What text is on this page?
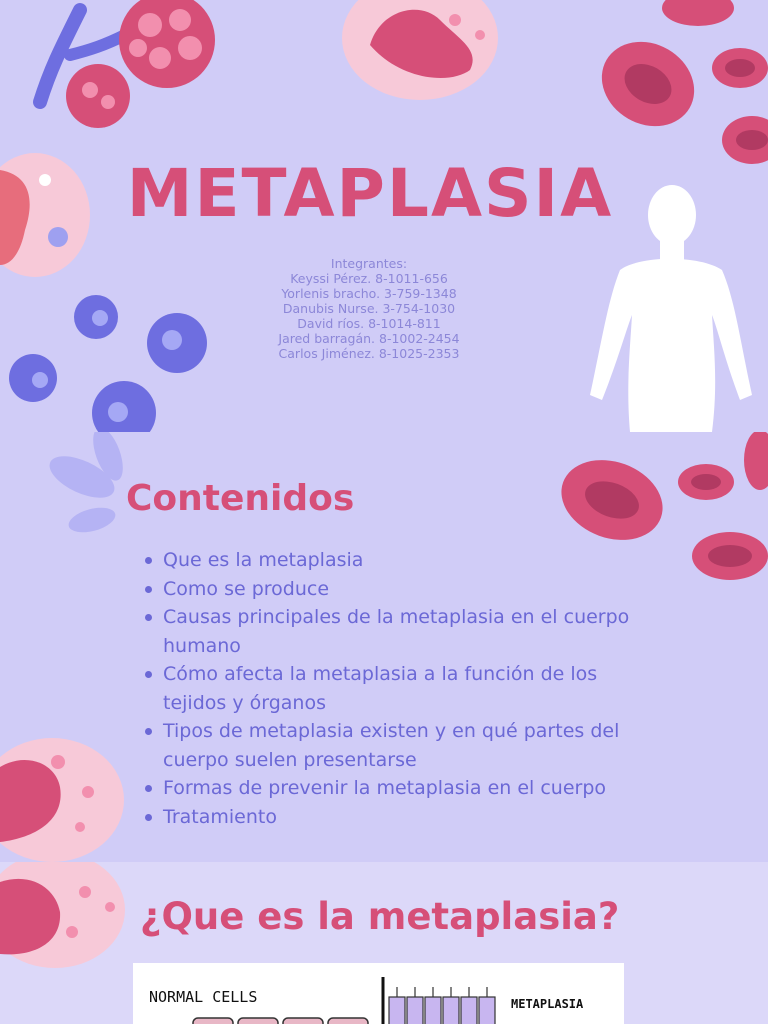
METAPLASIA
Integrantes:
Keyssi Pérez. 8-1011-656
Yorlenis bracho. 3-759-1348
Danubis Nurse. 3-754-1030
David ríos. 8-1014-811
Jared barragán. 8-1002-2454
Carlos Jiménez. 8-1025-2353
Contenidos
Que es la metaplasia
Como se produce
Causas principales de la metaplasia en el cuerpo humano
Cómo afecta la metaplasia a la función de los tejidos y órganos
Tipos de metaplasia existen y en qué partes del cuerpo suelen presentarse
Formas de prevenir la metaplasia en el cuerpo
Tratamiento
¿Que es la metaplasia?
NORMAL CELLS	METAPLASIA
